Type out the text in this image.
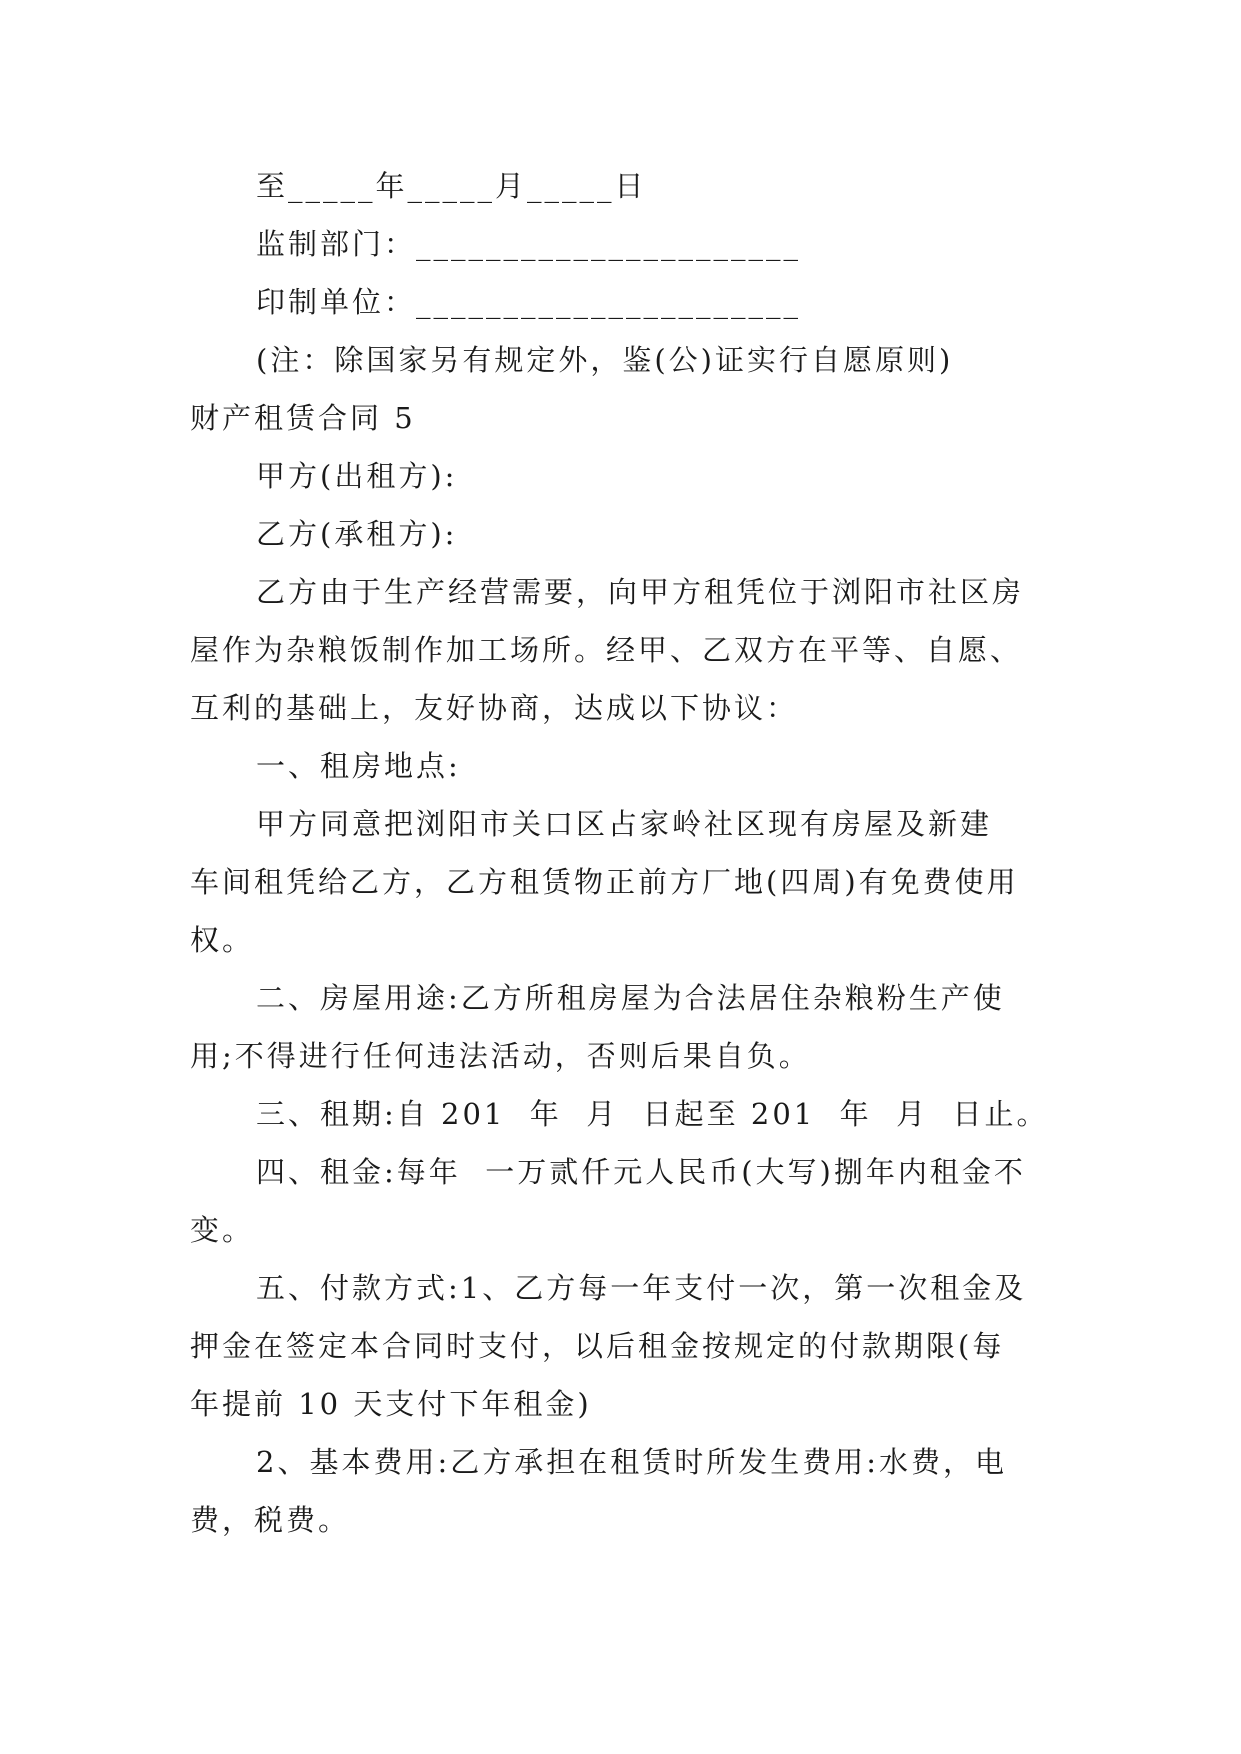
至_____年_____月_____日
监制部门：______________________
印制单位：______________________
(注：除国家另有规定外，鉴(公)证实行自愿原则)
财产租赁合同 5
甲方(出租方):
乙方(承租方):
乙方由于生产经营需要，向甲方租凭位于浏阳市社区房
屋作为杂粮饭制作加工场所。经甲、乙双方在平等、自愿、
互利的基础上，友好协商，达成以下协议：
一、租房地点:
甲方同意把浏阳市关口区占家岭社区现有房屋及新建
车间租凭给乙方，乙方租赁物正前方厂地(四周)有免费使用
权。
二、房屋用途:乙方所租房屋为合法居住杂粮粉生产使
用;不得进行任何违法活动，否则后果自负。
三、租期:自 201  年  月  日起至 201  年  月  日止。
四、租金:每年  一万贰仟元人民币(大写)捌年内租金不
变。
五、付款方式:1、乙方每一年支付一次，第一次租金及
押金在签定本合同时支付，以后租金按规定的付款期限(每
年提前 10 天支付下年租金)
2、基本费用:乙方承担在租赁时所发生费用:水费，电
费，税费。
